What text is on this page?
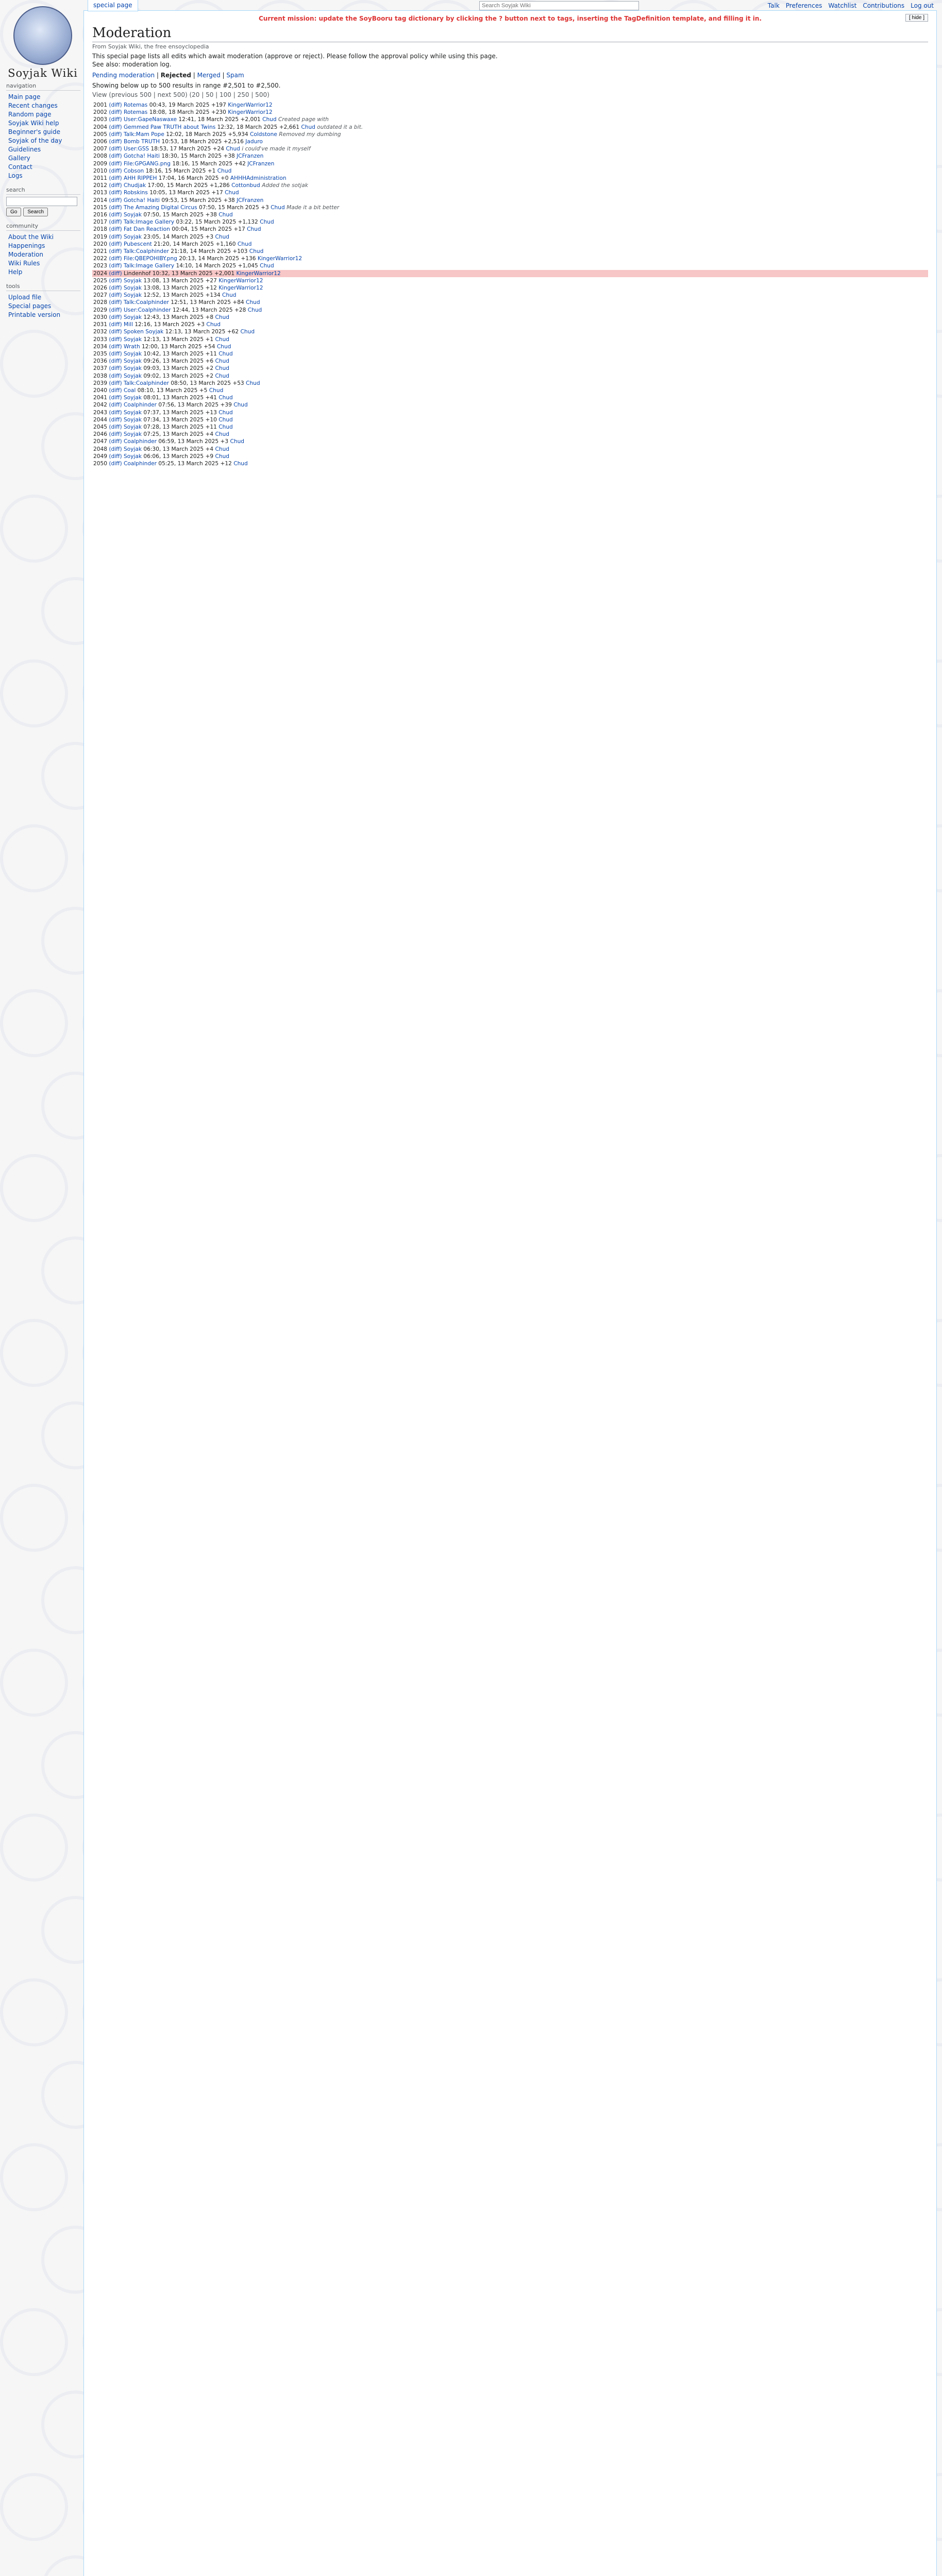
special page
Search Soyjak Wiki	Talk Preferences Watchlist Contributions Log out
Soyjak Wiki
navigation
Main page
Recent changes
Random page
Soyjak Wiki help
Beginner's guide
Soyjak of the day
Guidelines
Gallery
Contact
Logs
search
Go	Search
community
About the Wiki
Happenings
Moderation
Wiki Rules
Help
tools
Upload file
Special pages
Printable version
[ hide ]
Current mission: update the SoyBooru tag dictionary by clicking the ? button next to tags, inserting the TagDefinition template, and filling it in.
Moderation
From Soyjak Wiki, the free ensoyclopedia
This special page lists all edits which await moderation (approve or reject). Please follow the approval policy while using this page.
See also: moderation log.
Pending moderation | Rejected | Merged | Spam
Showing below up to 500 results in range #2,501 to #2,500.
View (previous 500 | next 500) (20 | 50 | 100 | 250 | 500)
2001 (diff) Rotemas 00:43, 19 March 2025 +197 KingerWarrior12
2002 (diff) Rotemas 18:08, 18 March 2025 +230 KingerWarrior12
2003 (diff) User:GapeNaswaxe 12:41, 18 March 2025 +2,001 Chud Created page with
2004 (diff) Gemmed Paw TRUTH about Twins 12:32, 18 March 2025 +2,661 Chud outdated it a bit.
2005 (diff) Talk:Mam Pope 12:02, 18 March 2025 +5,934 Coldstone Removed my dumbing
2006 (diff) Bomb TRUTH 10:53, 18 March 2025 +2,516 Jaduro
2007 (diff) User:GSS 18:53, 17 March 2025 +24 Chud i could've made it myself
2008 (diff) Gotcha! Haiti 18:30, 15 March 2025 +38 JCFranzen
2009 (diff) File:GPGANG.png 18:16, 15 March 2025 +42 JCFranzen
2010 (diff) Cobson 18:16, 15 March 2025 +1 Chud
2011 (diff) AHH RIPPEH 17:04, 16 March 2025 +0 AHHHAdministration
2012 (diff) Chudjak 17:00, 15 March 2025 +1,286 Cottonbud Added the sotjak
2013 (diff) Robskins 10:05, 13 March 2025 +17 Chud
2014 (diff) Gotcha! Haiti 09:53, 15 March 2025 +38 JCFranzen
2015 (diff) The Amazing Digital Circus 07:50, 15 March 2025 +3 Chud Made it a bit better
2016 (diff) Soyjak 07:50, 15 March 2025 +38 Chud
2017 (diff) Talk:Image Gallery 03:22, 15 March 2025 +1,132 Chud
2018 (diff) Fat Dan Reaction 00:04, 15 March 2025 +17 Chud
2019 (diff) Soyjak 23:05, 14 March 2025 +3 Chud
2020 (diff) Pubescent 21:20, 14 March 2025 +1,160 Chud
2021 (diff) Talk:Coalphinder 21:18, 14 March 2025 +103 Chud
2022 (diff) File:QBEPOHIBY.png 20:13, 14 March 2025 +136 KingerWarrior12
2023 (diff) Talk:Image Gallery 14:10, 14 March 2025 +1,045 Chud
2024 (diff) Lindenhof 10:32, 13 March 2025 +2,001 KingerWarrior12
2025 (diff) Soyjak 13:08, 13 March 2025 +27 KingerWarrior12
2026 (diff) Soyjak 13:08, 13 March 2025 +12 KingerWarrior12
2027 (diff) Soyjak 12:52, 13 March 2025 +134 Chud
2028 (diff) Talk:Coalphinder 12:51, 13 March 2025 +84 Chud
2029 (diff) User:Coalphinder 12:44, 13 March 2025 +28 Chud
2030 (diff) Soyjak 12:43, 13 March 2025 +8 Chud
2031 (diff) Mill 12:16, 13 March 2025 +3 Chud
2032 (diff) Spoken Soyjak 12:13, 13 March 2025 +62 Chud
2033 (diff) Soyjak 12:13, 13 March 2025 +1 Chud
2034 (diff) Wrath 12:00, 13 March 2025 +54 Chud
2035 (diff) Soyjak 10:42, 13 March 2025 +11 Chud
2036 (diff) Soyjak 09:26, 13 March 2025 +6 Chud
2037 (diff) Soyjak 09:03, 13 March 2025 +2 Chud
2038 (diff) Soyjak 09:02, 13 March 2025 +2 Chud
2039 (diff) Talk:Coalphinder 08:50, 13 March 2025 +53 Chud
2040 (diff) Coal 08:10, 13 March 2025 +5 Chud
2041 (diff) Soyjak 08:01, 13 March 2025 +41 Chud
2042 (diff) Coalphinder 07:56, 13 March 2025 +39 Chud
2043 (diff) Soyjak 07:37, 13 March 2025 +13 Chud
2044 (diff) Soyjak 07:34, 13 March 2025 +10 Chud
2045 (diff) Soyjak 07:28, 13 March 2025 +11 Chud
2046 (diff) Soyjak 07:25, 13 March 2025 +4 Chud
2047 (diff) Coalphinder 06:59, 13 March 2025 +3 Chud
2048 (diff) Soyjak 06:30, 13 March 2025 +4 Chud
2049 (diff) Soyjak 06:06, 13 March 2025 +9 Chud
2050 (diff) Coalphinder 05:25, 13 March 2025 +12 Chud
